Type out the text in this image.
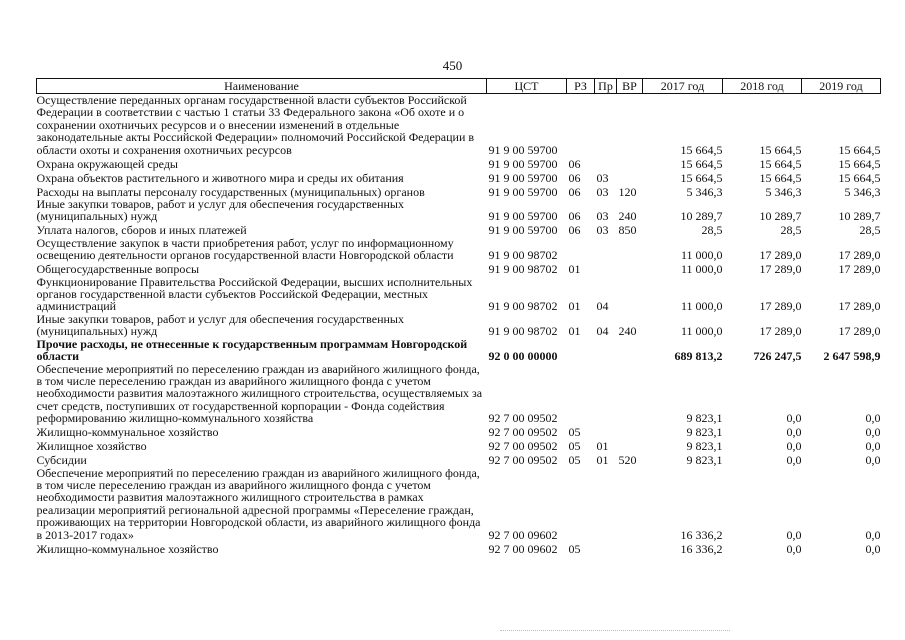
450
Наименование	ЦСТ	РЗ	Пр	ВР	2017 год	2018 год	2019 год
Осуществление переданных органам государственной власти субъектов Российской Федерации в соответствии с частью 1 статьи 33 Федерального закона «Об охоте и о сохранении охотничьих ресурсов и о внесении изменений в отдельные законодательные акты Российской Федерации» полномочий Российской Федерации в области охоты и сохранения охотничьих ресурсов	91 9 00 59700				15 664,5	15 664,5	15 664,5
Охрана окружающей среды	91 9 00 59700	06			15 664,5	15 664,5	15 664,5
Охрана объектов растительного и животного мира и среды их обитания	91 9 00 59700	06	03		15 664,5	15 664,5	15 664,5
Расходы на выплаты персоналу государственных (муниципальных) органов	91 9 00 59700	06	03	120	5 346,3	5 346,3	5 346,3
Иные закупки товаров, работ и услуг для обеспечения государственных (муниципальных) нужд	91 9 00 59700	06	03	240	10 289,7	10 289,7	10 289,7
Уплата налогов, сборов и иных платежей	91 9 00 59700	06	03	850	28,5	28,5	28,5
Осуществление закупок в части приобретения работ, услуг по информационному освещению деятельности органов государственной власти Новгородской области	91 9 00 98702				11 000,0	17 289,0	17 289,0
Общегосударственные вопросы	91 9 00 98702	01			11 000,0	17 289,0	17 289,0
Функционирование Правительства Российской Федерации, высших исполнительных органов государственной власти субъектов Российской Федерации, местных администраций	91 9 00 98702	01	04		11 000,0	17 289,0	17 289,0
Иные закупки товаров, работ и услуг для обеспечения государственных (муниципальных) нужд	91 9 00 98702	01	04	240	11 000,0	17 289,0	17 289,0
Прочие расходы, не отнесенные к государственным программам Новгородской области	92 0 00 00000				689 813,2	726 247,5	2 647 598,9
Обеспечение мероприятий по переселению граждан из аварийного жилищного фонда, в том числе переселению граждан из аварийного жилищного фонда с учетом необходимости развития малоэтажного жилищного строительства, осуществляемых за счет средств, поступивших от государственной корпорации - Фонда содействия реформированию жилищно-коммунального хозяйства	92 7 00 09502				9 823,1	0,0	0,0
Жилищно-коммунальное хозяйство	92 7 00 09502	05			9 823,1	0,0	0,0
Жилищное хозяйство	92 7 00 09502	05	01		9 823,1	0,0	0,0
Субсидии	92 7 00 09502	05	01	520	9 823,1	0,0	0,0
Обеспечение мероприятий по переселению граждан из аварийного жилищного фонда, в том числе переселению граждан из аварийного жилищного фонда с учетом необходимости развития малоэтажного жилищного строительства в рамках реализации мероприятий региональной адресной программы «Переселение граждан, проживающих на территории Новгородской области, из аварийного жилищного фонда в 2013-2017 годах»	92 7 00 09602				16 336,2	0,0	0,0
Жилищно-коммунальное хозяйство	92 7 00 09602	05			16 336,2	0,0	0,0
